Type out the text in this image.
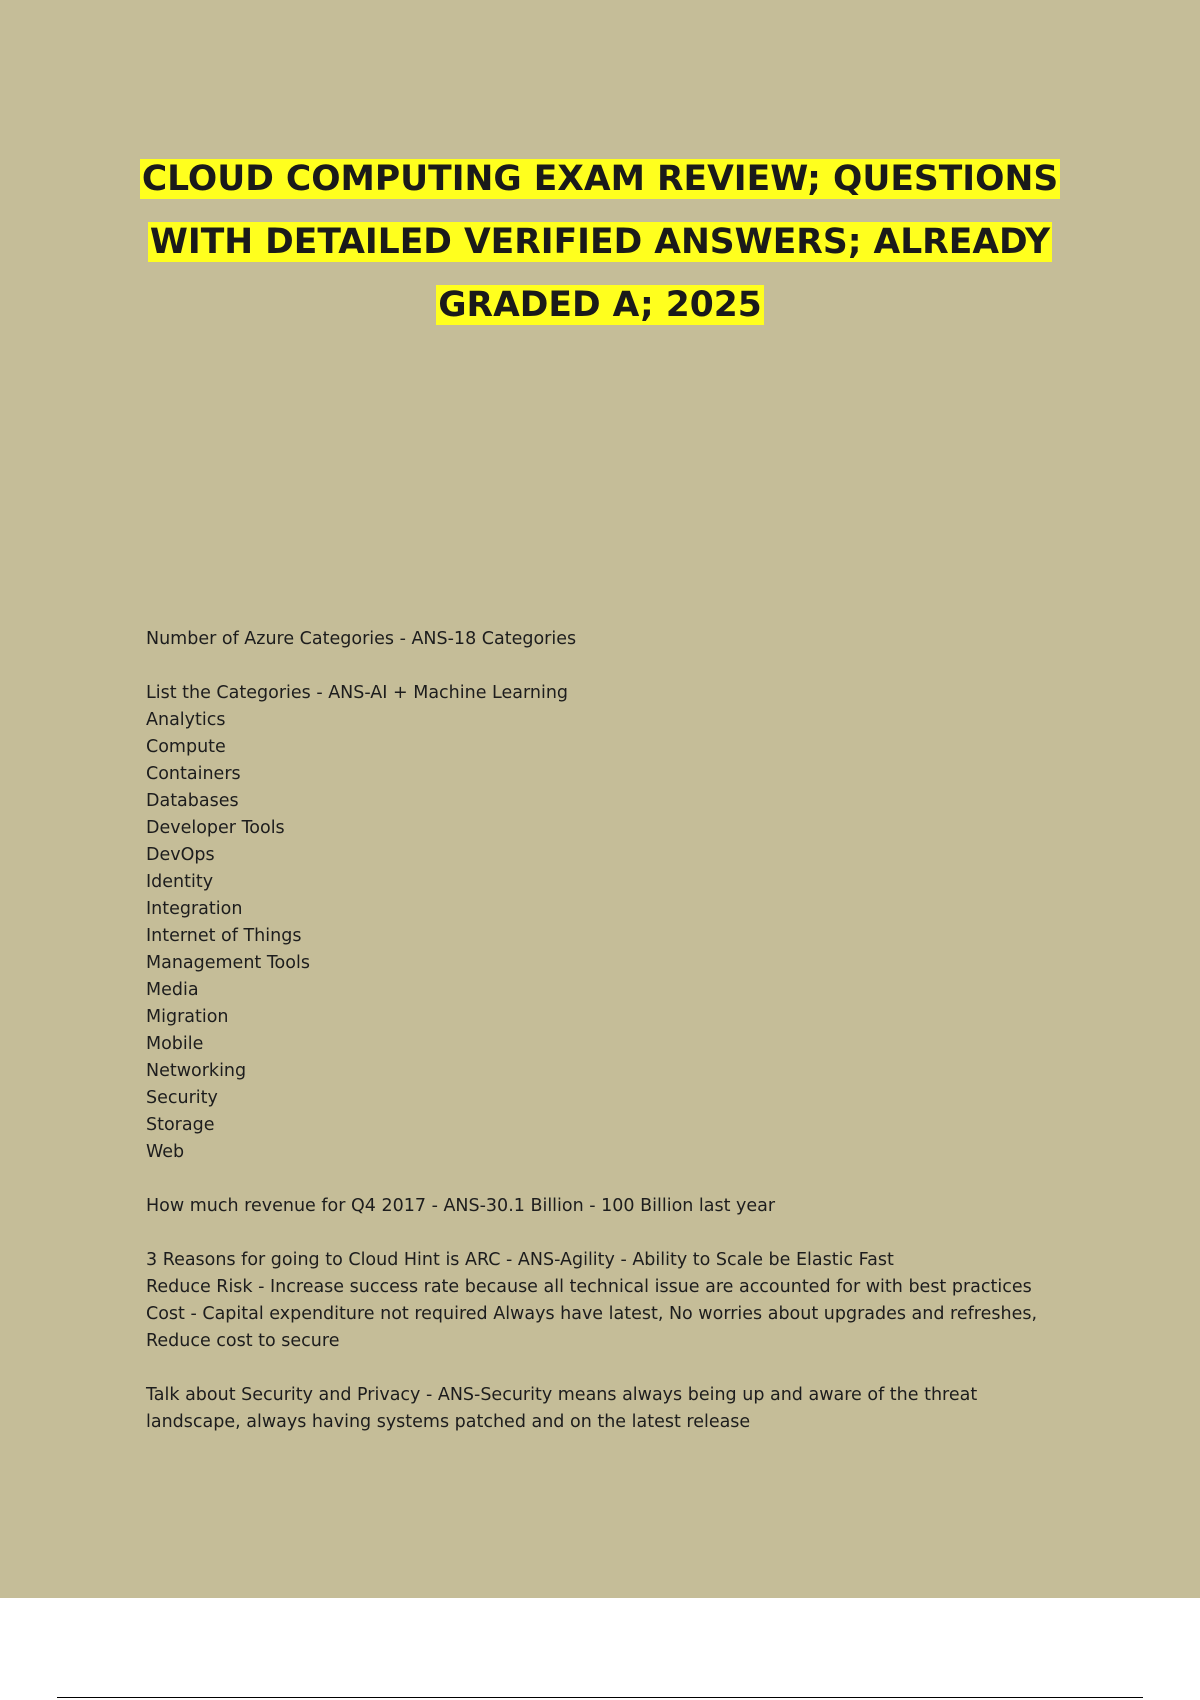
CLOUD COMPUTING EXAM REVIEW; QUESTIONS
WITH DETAILED VERIFIED ANSWERS; ALREADY
GRADED A; 2025
Number of Azure Categories - ANS-18 Categories
List the Categories - ANS-AI + Machine Learning
Analytics
Compute
Containers
Databases
Developer Tools
DevOps
Identity
Integration
Internet of Things
Management Tools
Media
Migration
Mobile
Networking
Security
Storage
Web
How much revenue for Q4 2017 - ANS-30.1 Billion - 100 Billion last year
3 Reasons for going to Cloud Hint is ARC - ANS-Agility - Ability to Scale be Elastic Fast
Reduce Risk - Increase success rate because all technical issue are accounted for with best practices
Cost - Capital expenditure not required Always have latest, No worries about upgrades and refreshes,
Reduce cost to secure
Talk about Security and Privacy - ANS-Security means always being up and aware of the threat
landscape, always having systems patched and on the latest release
